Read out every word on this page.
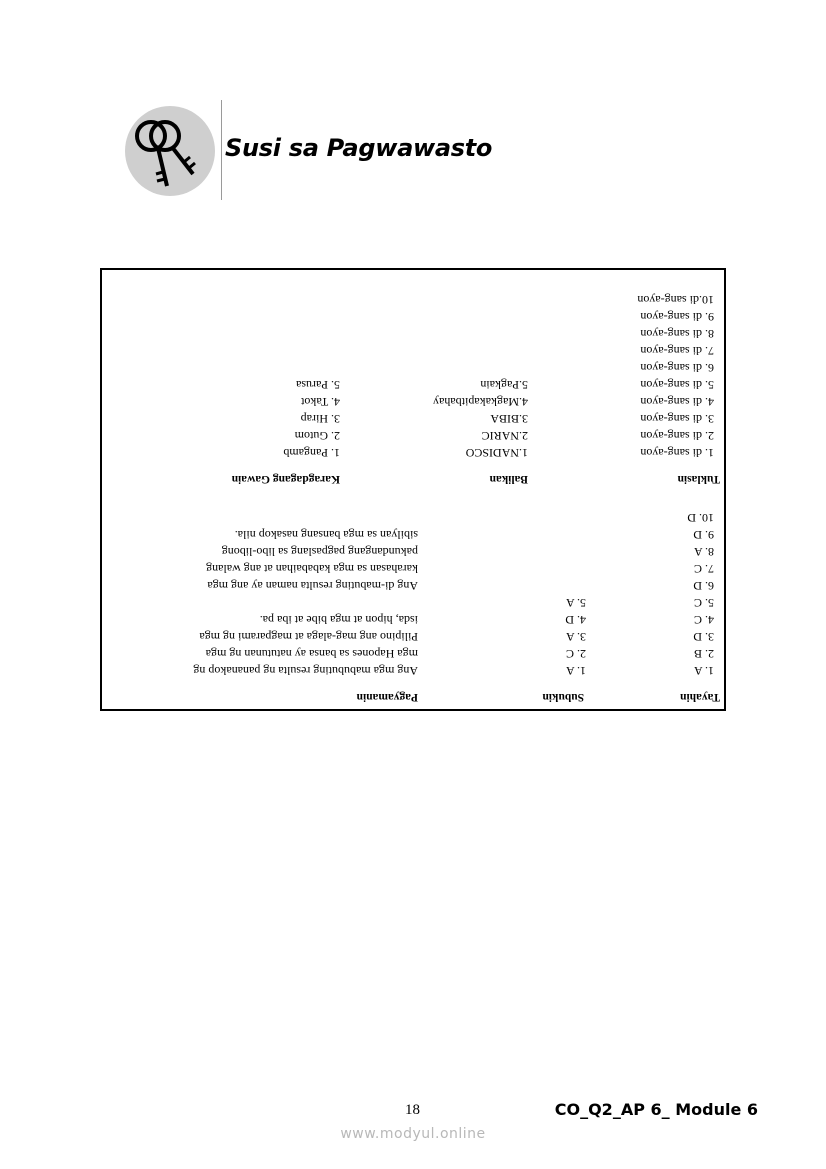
Susi sa Pagwawasto
Tayahin
1. A
2. B
3. D
4. C
5. C
6. D
7. C
8. A
9. D
10. D
Subukin
1. A
2. C
3. A
4. D
5. A
Pagyamanin
Ang mga mabubuting resulta ng pananakop ng
mga Hapones sa bansa ay natutunan ng mga
Pilipino ang mag-alaga at magparami ng mga
isda, hipon at mga bibe at iba pa.
Ang di-mabuting resulta naman ay ang mga
karahasan sa mga kababaihan at ang walang
pakundangang pagpaslang sa libo-libong
sibilyan sa mga bansang nasakop nila.
Tuklasin
1. di sang-ayon
2. di sang-ayon
3. di sang-ayon
4. di sang-ayon
5. di sang-ayon
6. di sang-ayon
7. di sang-ayon
8. di sang-ayon
9. di sang-ayon
10.di sang-ayon
Balikan
1.NADISCO
2.NARIC
3.BIBA
4.Magkakapitbahay
5.Pagkain
Karagdagang Gawain
1. Pangamb
2. Gutom
3. Hirap
4. Takot
5. Parusa
18	CO_Q2_AP 6_ Module 6
www.modyul.online
